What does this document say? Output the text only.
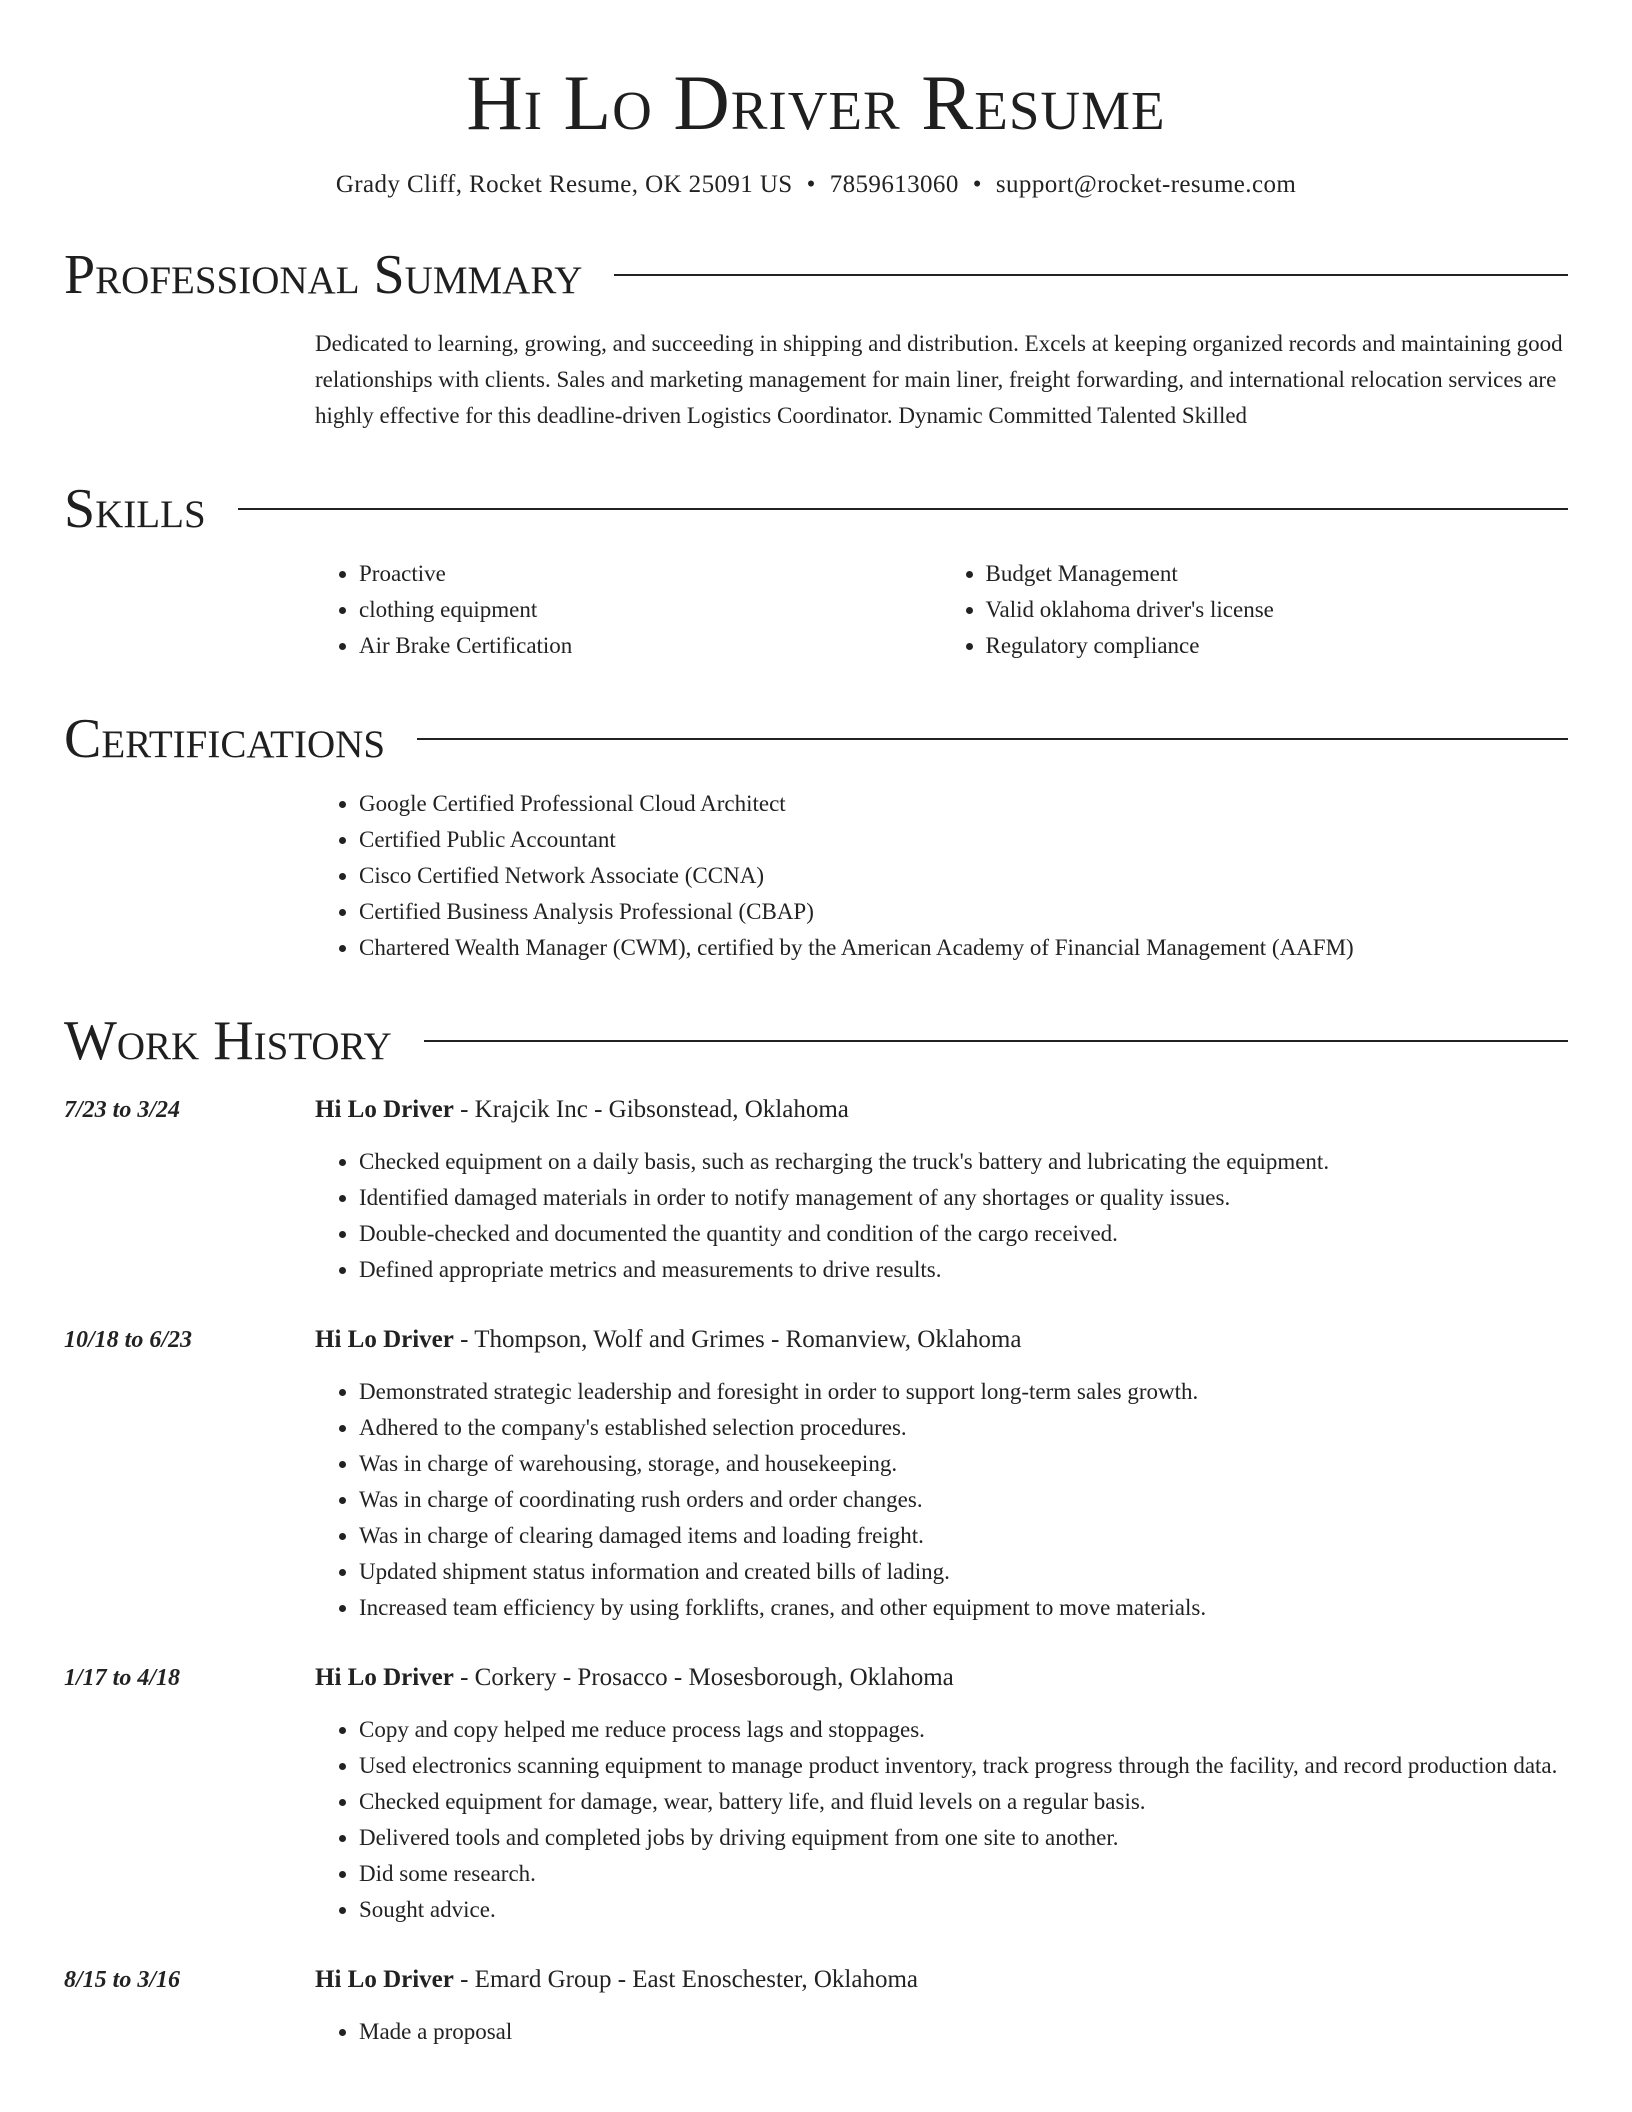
Hi Lo Driver Resume
Grady Cliff, Rocket Resume, OK 25091 US • 7859613060 • support@rocket-resume.com
Professional Summary
Dedicated to learning, growing, and succeeding in shipping and distribution. Excels at keeping organized records and maintaining good relationships with clients. Sales and marketing management for main liner, freight forwarding, and international relocation services are highly effective for this deadline-driven Logistics Coordinator. Dynamic Committed Talented Skilled
Skills
• Proactive
• clothing equipment
• Air Brake Certification
• Budget Management
• Valid oklahoma driver's license
• Regulatory compliance
Certifications
• Google Certified Professional Cloud Architect
• Certified Public Accountant
• Cisco Certified Network Associate (CCNA)
• Certified Business Analysis Professional (CBAP)
• Chartered Wealth Manager (CWM), certified by the American Academy of Financial Management (AAFM)
Work History
7/23 to 3/24	Hi Lo Driver - Krajcik Inc - Gibsonstead, Oklahoma
• Checked equipment on a daily basis, such as recharging the truck's battery and lubricating the equipment.
• Identified damaged materials in order to notify management of any shortages or quality issues.
• Double-checked and documented the quantity and condition of the cargo received.
• Defined appropriate metrics and measurements to drive results.
10/18 to 6/23	Hi Lo Driver - Thompson, Wolf and Grimes - Romanview, Oklahoma
• Demonstrated strategic leadership and foresight in order to support long-term sales growth.
• Adhered to the company's established selection procedures.
• Was in charge of warehousing, storage, and housekeeping.
• Was in charge of coordinating rush orders and order changes.
• Was in charge of clearing damaged items and loading freight.
• Updated shipment status information and created bills of lading.
• Increased team efficiency by using forklifts, cranes, and other equipment to move materials.
1/17 to 4/18	Hi Lo Driver - Corkery - Prosacco - Mosesborough, Oklahoma
• Copy and copy helped me reduce process lags and stoppages.
• Used electronics scanning equipment to manage product inventory, track progress through the facility, and record production data.
• Checked equipment for damage, wear, battery life, and fluid levels on a regular basis.
• Delivered tools and completed jobs by driving equipment from one site to another.
• Did some research.
• Sought advice.
8/15 to 3/16	Hi Lo Driver - Emard Group - East Enoschester, Oklahoma
• Made a proposal
